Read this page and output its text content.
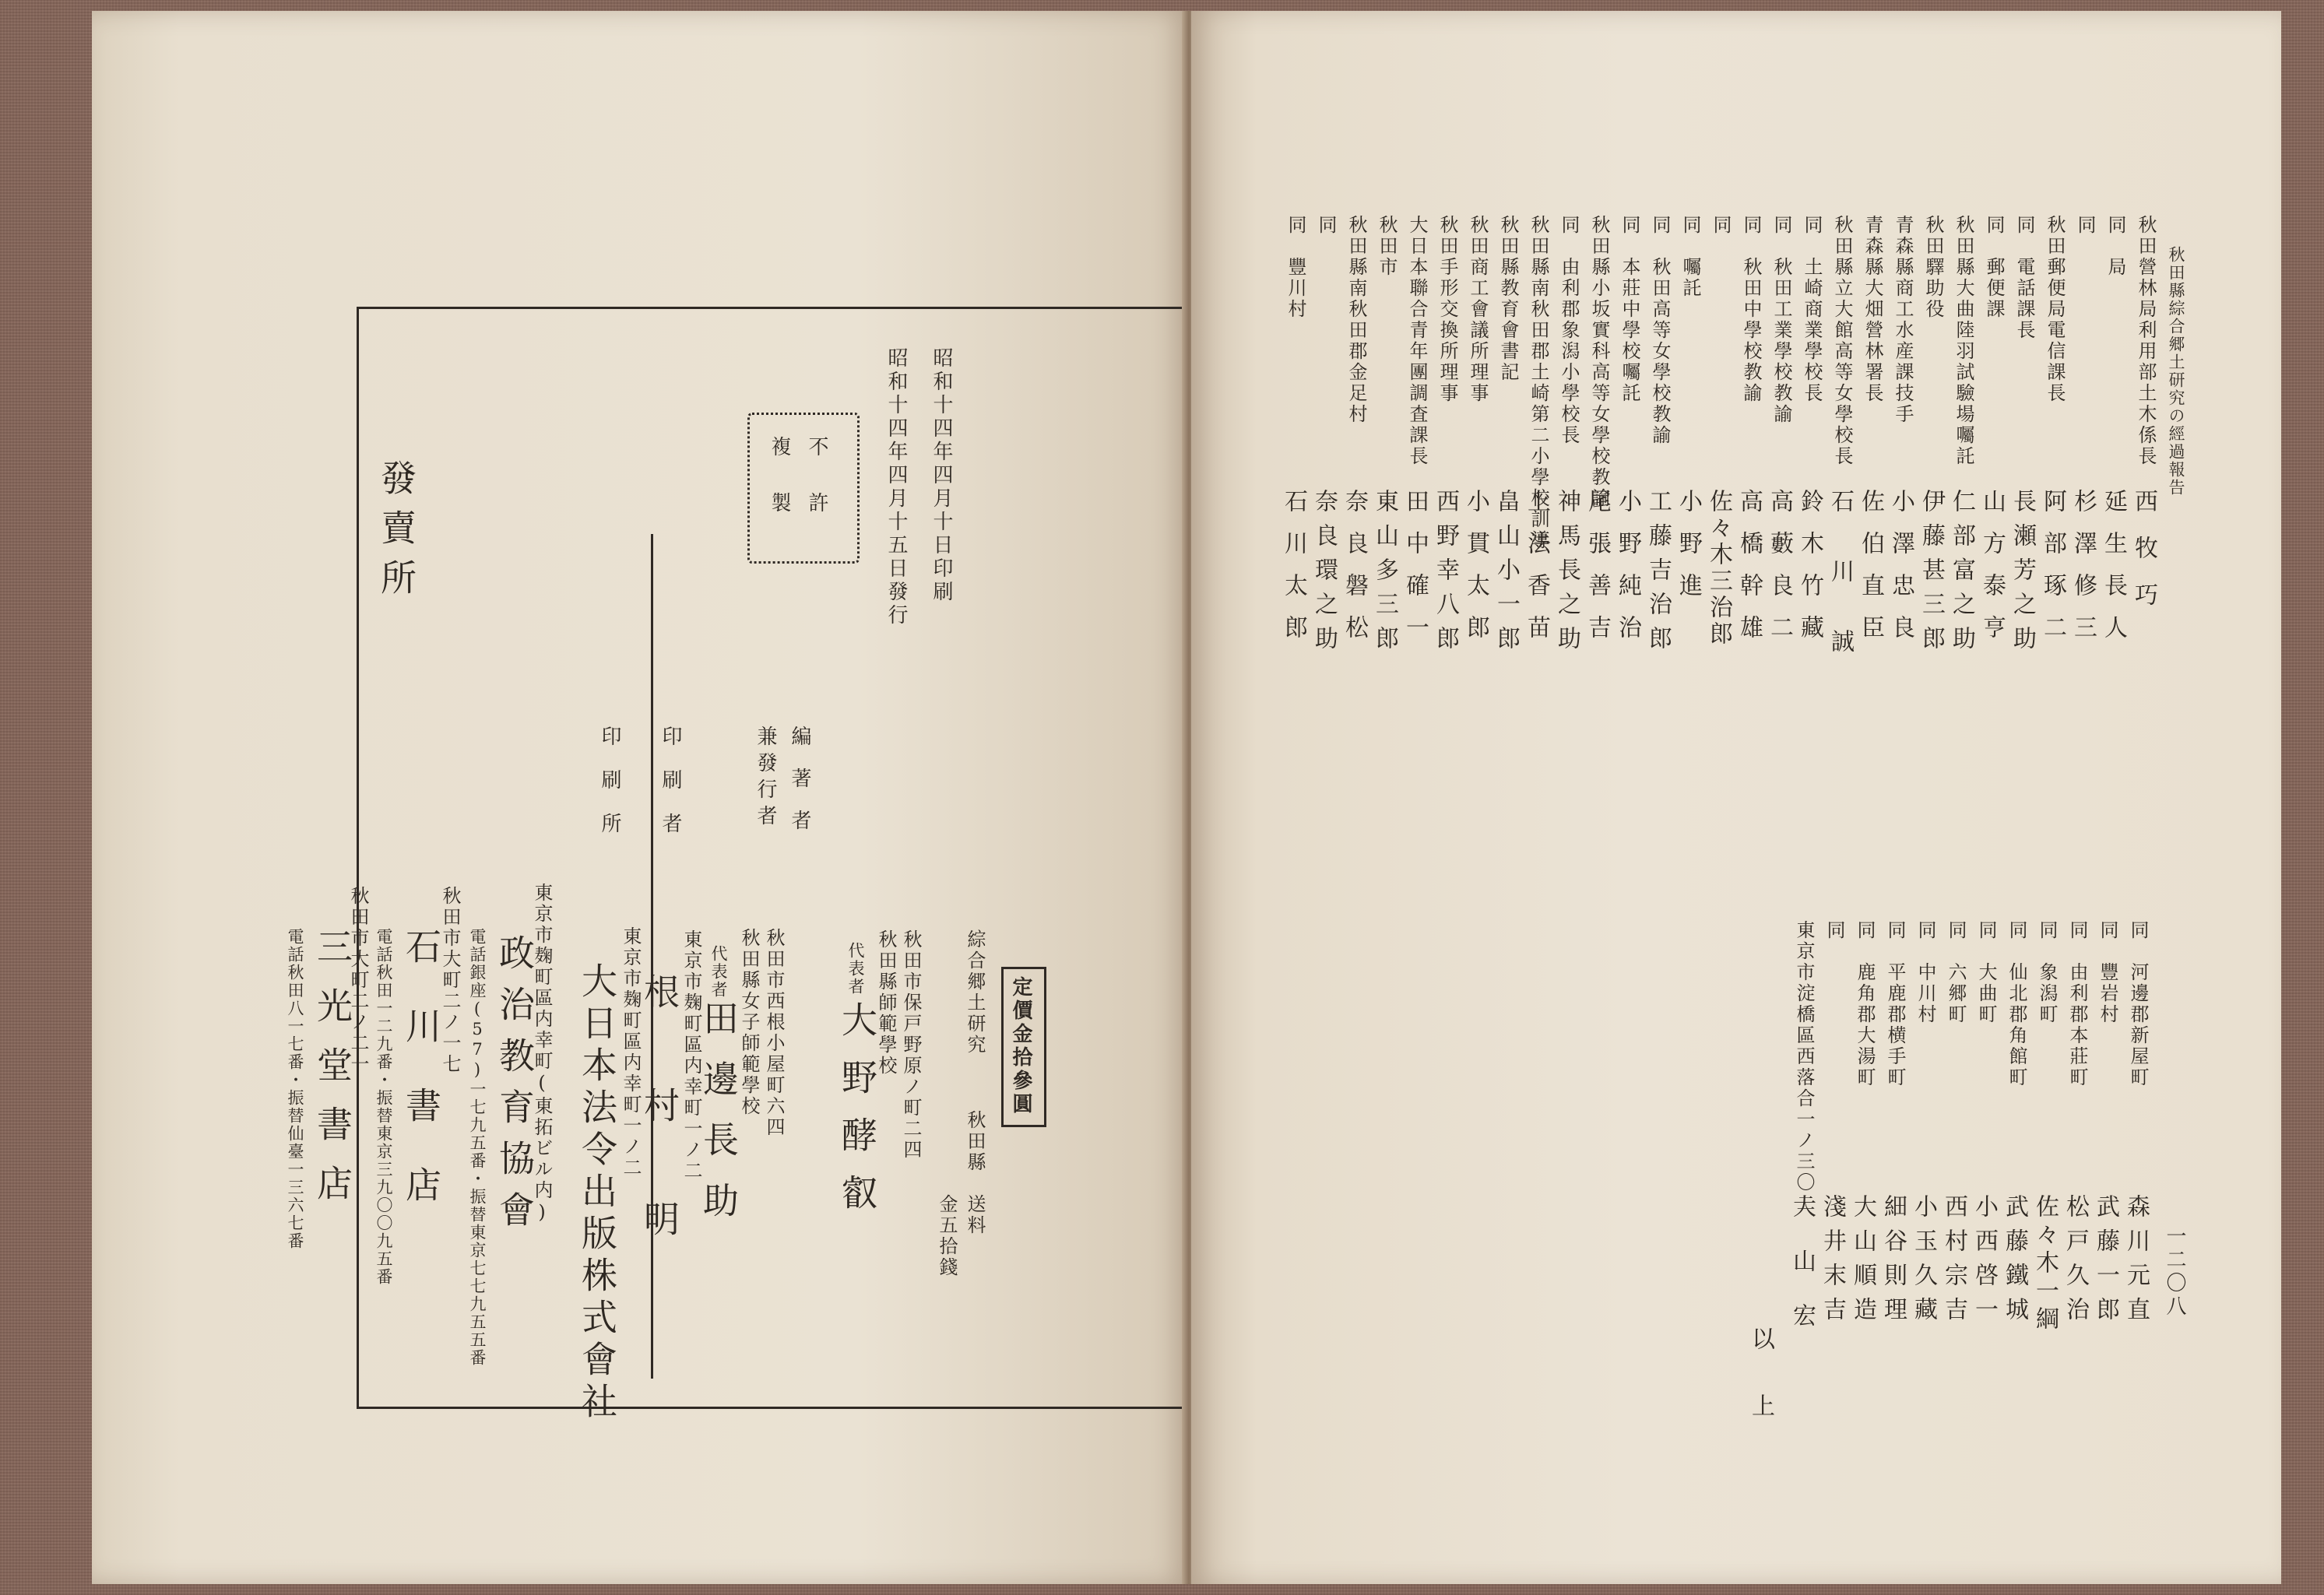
昭和十四年四月十日印刷
昭和十四年四月十五日發行
不許
複製
發賣所
編著者
兼發行者
印刷者
印刷所
綜合郷土研究
秋田縣
定價金拾參圓
送料
金五拾錢
秋田市保戸野原ノ町二四
秋田縣師範學校
代表者
大野酵叡
秋田市西根小屋町六四
秋田縣女子師範學校
代表者
田邊長助
東京市麹町區内幸町一ノ二
根村明
東京市麹町區内幸町一ノ二
大日本法令出版株式會社
東京市麹町區内幸町(東拓ビル内)
政治教育協會
電話銀座(57)一七九五番・振替東京七七九五五番
秋田市大町二ノ一七
石川書店
電話秋田一二九番・振替東京三九〇〇九五番
秋田市大町二ノ二一
三光堂書店
電話秋田八一七番・振替仙臺一三六七番
秋田縣綜合郷土研究の經過報告
一二〇八
秋田營林局利用部土木係長
西牧巧
同　局
延生長人
同
杉澤修三
秋田郵便局電信課長
阿部琢二
同　電話課長
長瀬芳之助
同　郵便課
山方泰亨
秋田縣大曲陸羽試驗場囑託
仁部富之助
秋田驛助役
伊藤甚三郎
青森縣商工水産課技手
小澤忠良
青森縣大畑營林署長
佐伯直臣
秋田縣立大館高等女學校長
石川誠
同　土崎商業學校長
鈴木竹藏
同　秋田工業學校教諭
高藪良二
同　秋田中學校教諭
高橋幹雄
同
佐々木三治郎
同　囑託
小野進
同　秋田高等女學校教諭
工藤吉治郎
同　本莊中學校囑託
小野純治
秋田縣小坂實科高等女學校教諭
尾張善吉
同　由利郡象潟小學校長
神馬長之助
秋田縣南秋田郡土崎第二小學校訓導
上法香苗
秋田縣教育會書記
畠山小一郎
秋田商工會議所理事
小貫太郎
秋田手形交換所理事
西野幸八郎
大日本聯合青年團調査課長
田中確一
秋田市
東山多三郎
秋田縣南秋田郡金足村
奈良磐松
同
奈良環之助
同　豐川村
石川太郎
同　河邊郡新屋町
森川元直
同　豐岩村
武藤一郎
同　由利郡本莊町
松戸久治
同　象潟町
佐々木一綱
同　仙北郡角館町
武藤鐵城
同　大曲町
小西啓一
同　六郷町
西村宗吉
同　中川村
小玉久藏
同　平鹿郡横手町
細谷則理
同　鹿角郡大湯町
大山順造
同
淺井末吉
東京市淀橋區西落合一ノ三〇二
大山宏
以上
